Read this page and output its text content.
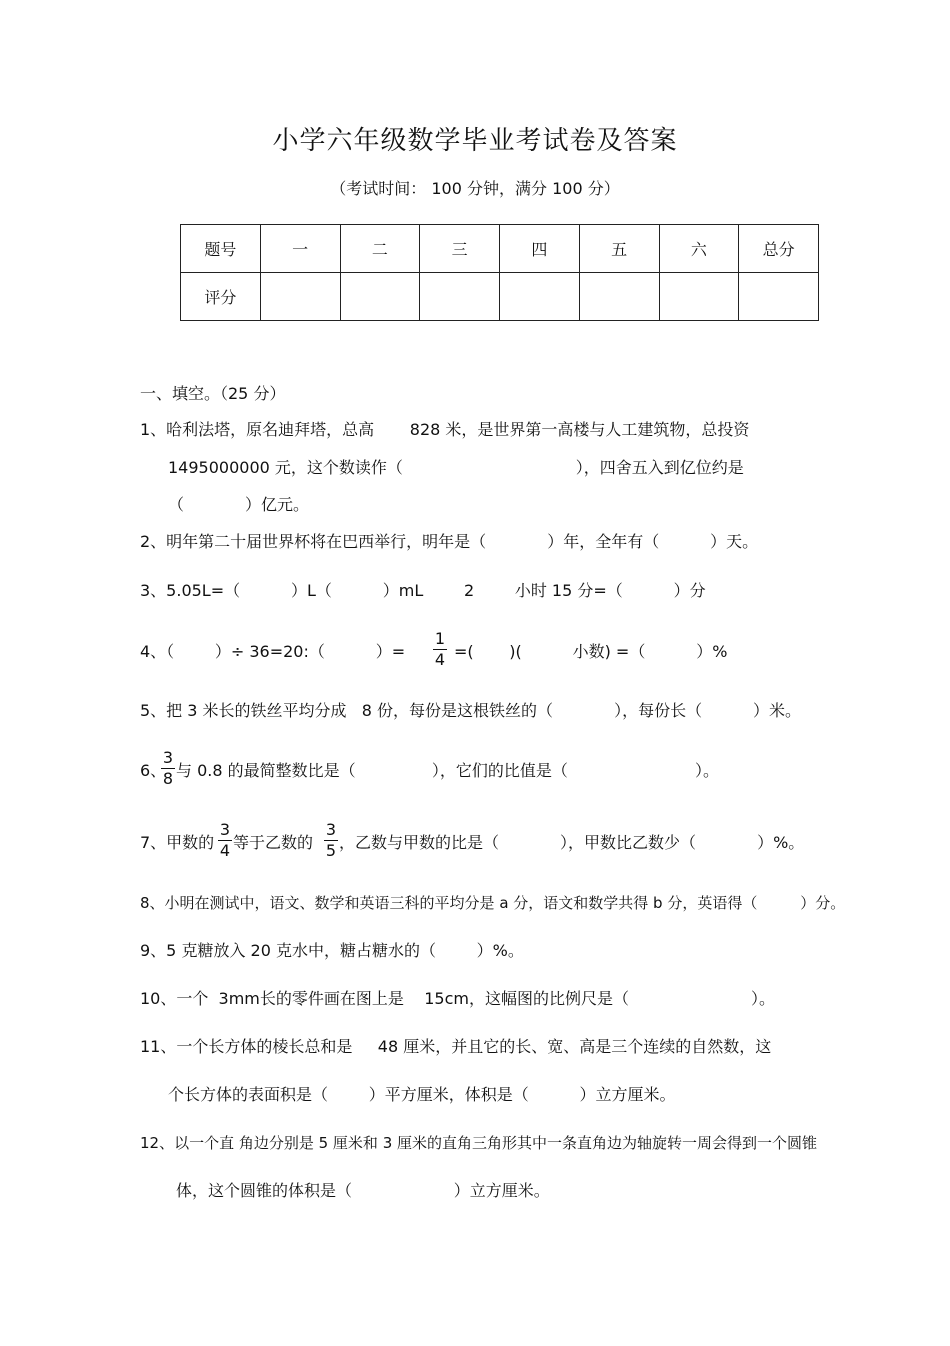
小学六年级数学毕业考试卷及答案
（考试时间： 100 分钟，满分 100 分）
题号	一	二	三	四	五	六	总分
评分							
一、填空。（25 分）
1、哈利法塔，原名迪拜塔，总高       828 米，是世界第一高楼与人工建筑物，总投资
1495000000 元，这个数读作（                                  ），四舍五入到亿位约是
（            ）亿元。
2、明年第二十届世界杯将在巴西举行，明年是（            ）年，全年有（          ）天。
3、5.05L=（          ）L（          ）mL        2        小时 15 分=（          ）分
4、（        ）÷ 36=20:（          ）=
1
4 =(       )(          小数) =（          ）%
5、把 3 米长的铁丝平均分成   8 份，每份是这根铁丝的（            ），每份长（          ）米。
6、
3
8 与 0.8 的最简整数比是（               ），它们的比值是（                         ）。
7、甲数的
3
4 等于乙数的
3
5 ，乙数与甲数的比是（            ），甲数比乙数少（            ）%。
8、小明在测试中，语文、数学和英语三科的平均分是 a 分，语文和数学共得 b 分，英语得（         ）分。
9、5 克糖放入 20 克水中，糖占糖水的（        ）%。
10、一个  3mm长的零件画在图上是    15cm，这幅图的比例尺是（                        ）。
11、一个长方体的棱长总和是     48 厘米，并且它的长、宽、高是三个连续的自然数，这
个长方体的表面积是（        ）平方厘米，体积是（          ）立方厘米。
12、以一个直 角边分别是 5 厘米和 3 厘米的直角三角形其中一条直角边为轴旋转一周会得到一个圆锥
体，这个圆锥的体积是（                    ）立方厘米。
